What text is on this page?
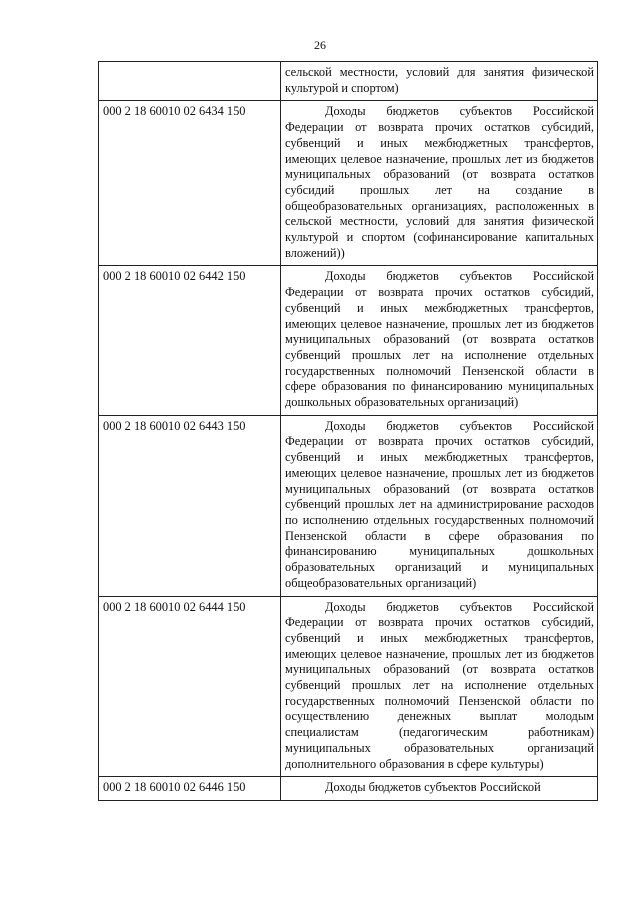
26

	сельской местности, условий для занятия физической культурой и спортом)

000 2 18 60010 02 6434 150	Доходы бюджетов субъектов Российской Федерации от возврата прочих остатков субсидий, субвенций и иных межбюджетных трансфертов, имеющих целевое назначение, прошлых лет из бюджетов муниципальных образований (от возврата остатков субсидий прошлых лет на создание в общеобразовательных организациях, расположенных в сельской местности, условий для занятия физической культурой и спортом (софинансирование капитальных вложений))

000 2 18 60010 02 6442 150	Доходы бюджетов субъектов Российской Федерации от возврата прочих остатков субсидий, субвенций и иных межбюджетных трансфертов, имеющих целевое назначение, прошлых лет из бюджетов муниципальных образований (от возврата остатков субвенций прошлых лет на исполнение отдельных государственных полномочий Пензенской области в сфере образования по финансированию муниципальных дошкольных образовательных организаций)

000 2 18 60010 02 6443 150	Доходы бюджетов субъектов Российской Федерации от возврата прочих остатков субсидий, субвенций и иных межбюджетных трансфертов, имеющих целевое назначение, прошлых лет из бюджетов муниципальных образований (от возврата остатков субвенций прошлых лет на администрирование расходов по исполнению отдельных государственных полномочий Пензенской области в сфере образования по финансированию муниципальных дошкольных образовательных организаций и муниципальных общеобразовательных организаций)

000 2 18 60010 02 6444 150	Доходы бюджетов субъектов Российской Федерации от возврата прочих остатков субсидий, субвенций и иных межбюджетных трансфертов, имеющих целевое назначение, прошлых лет из бюджетов муниципальных образований (от возврата остатков субвенций прошлых лет на исполнение отдельных государственных полномочий Пензенской области по осуществлению денежных выплат молодым специалистам (педагогическим работникам) муниципальных образовательных организаций дополнительного образования в сфере культуры)

000 2 18 60010 02 6446 150	Доходы бюджетов субъектов Российской
